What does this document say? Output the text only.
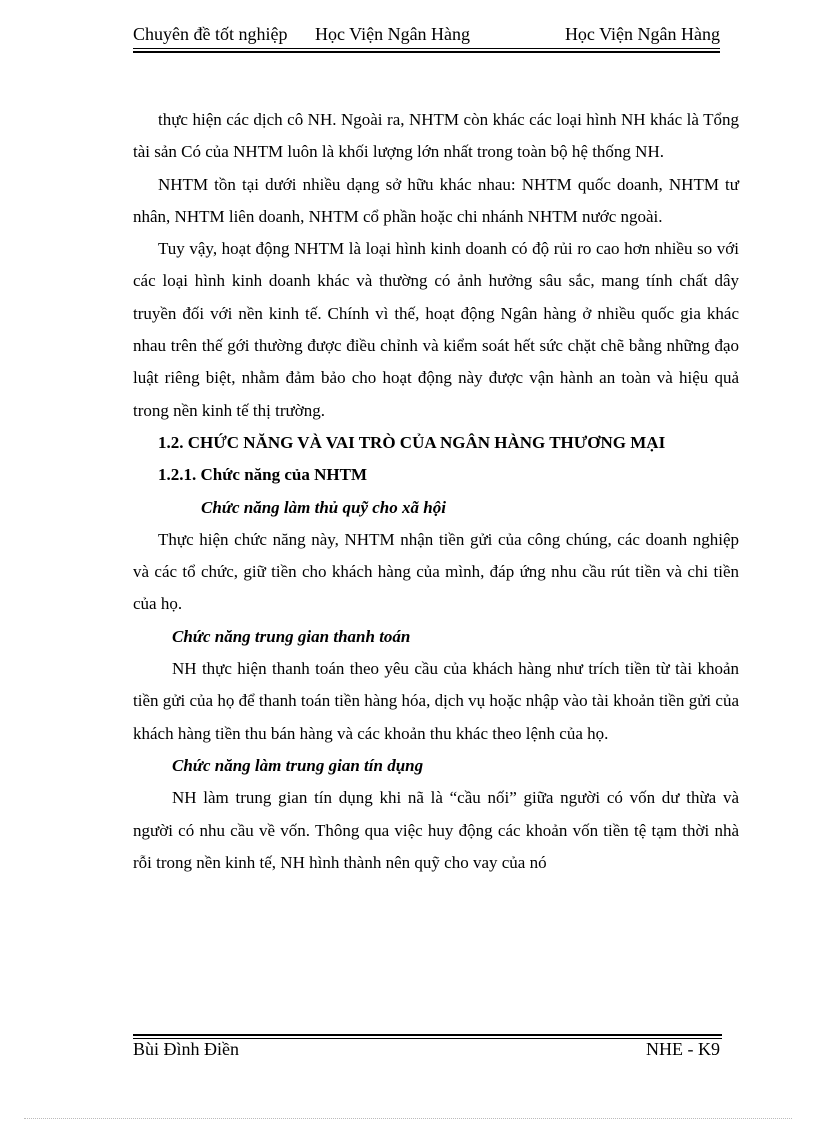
Chuyên đề tốt nghiệp Học Viện Ngân Hàng	Học Viện Ngân Hàng

thực hiện các dịch cô NH. Ngoài ra, NHTM còn khác các loại hình NH khác là Tổng tài sản Có của NHTM luôn là khối lượng lớn nhất trong toàn bộ hệ thống NH.

NHTM tồn tại dưới nhiều dạng sở hữu khác nhau: NHTM quốc doanh, NHTM tư nhân, NHTM liên doanh, NHTM cổ phần hoặc chi nhánh NHTM nước ngoài.

Tuy vậy, hoạt động NHTM là loại hình kinh doanh có độ rủi ro cao hơn nhiều so với các loại hình kinh doanh khác và thường có ảnh hưởng sâu sắc, mang tính chất dây truyền đối với nền kinh tế. Chính vì thế, hoạt động Ngân hàng ở nhiều quốc gia khác nhau trên thế gới thường được điều chỉnh và kiểm soát hết sức chặt chẽ bằng những đạo luật riêng biệt, nhằm đảm bảo cho hoạt động này được vận hành an toàn và hiệu quả trong nền kinh tế thị trường.

1.2. CHỨC NĂNG VÀ VAI TRÒ CỦA NGÂN HÀNG THƯƠNG MẠI

1.2.1. Chức năng của NHTM

Chức năng làm thủ quỹ cho xã hội

Thực hiện chức năng này, NHTM nhận tiền gửi của công chúng, các doanh nghiệp và các tổ chức, giữ tiền cho khách hàng của mình, đáp ứng nhu cầu rút tiền và chi tiền của họ.

Chức năng trung gian thanh toán

NH thực hiện thanh toán theo yêu cầu của khách hàng như trích tiền từ tài khoản tiền gửi của họ để thanh toán tiền hàng hóa, dịch vụ hoặc nhập vào tài khoản tiền gửi của khách hàng tiền thu bán hàng và các khoản thu khác theo lệnh của họ.

Chức năng làm trung gian tín dụng

NH làm trung gian tín dụng khi nã là “cầu nối” giữa người có vốn dư thừa và người có nhu cầu về vốn. Thông qua việc huy động các khoản vốn tiền tệ tạm thời nhà rỗi trong nền kinh tế, NH hình thành nên quỹ cho vay của nó

Bùi Đình Điền	NHE - K9
